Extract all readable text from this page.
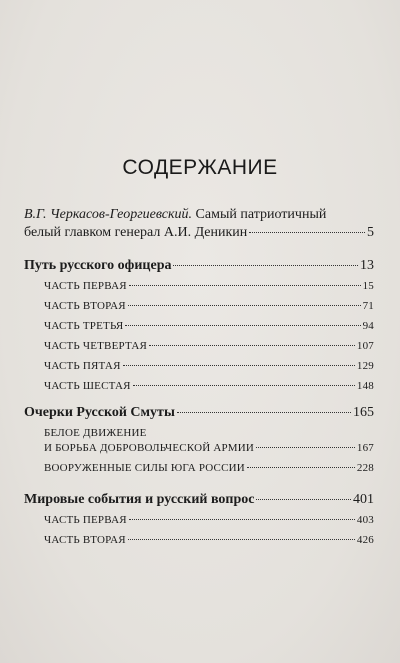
СОДЕРЖАНИЕ
В.Г. Черкасов-Георгиевский. Самый патриотичный
белый главком генерал А.И. Деникин	5
Путь русского офицера	13
ЧАСТЬ ПЕРВАЯ	15
ЧАСТЬ ВТОРАЯ	71
ЧАСТЬ ТРЕТЬЯ	94
ЧАСТЬ ЧЕТВЕРТАЯ	107
ЧАСТЬ ПЯТАЯ	129
ЧАСТЬ ШЕСТАЯ	148
Очерки Русской Смуты	165
БЕЛОЕ ДВИЖЕНИЕ
И БОРЬБА ДОБРОВОЛЬЧЕСКОЙ АРМИИ	167
ВООРУЖЕННЫЕ СИЛЫ ЮГА РОССИИ	228
Мировые события и русский вопрос	401
ЧАСТЬ ПЕРВАЯ	403
ЧАСТЬ ВТОРАЯ	426
